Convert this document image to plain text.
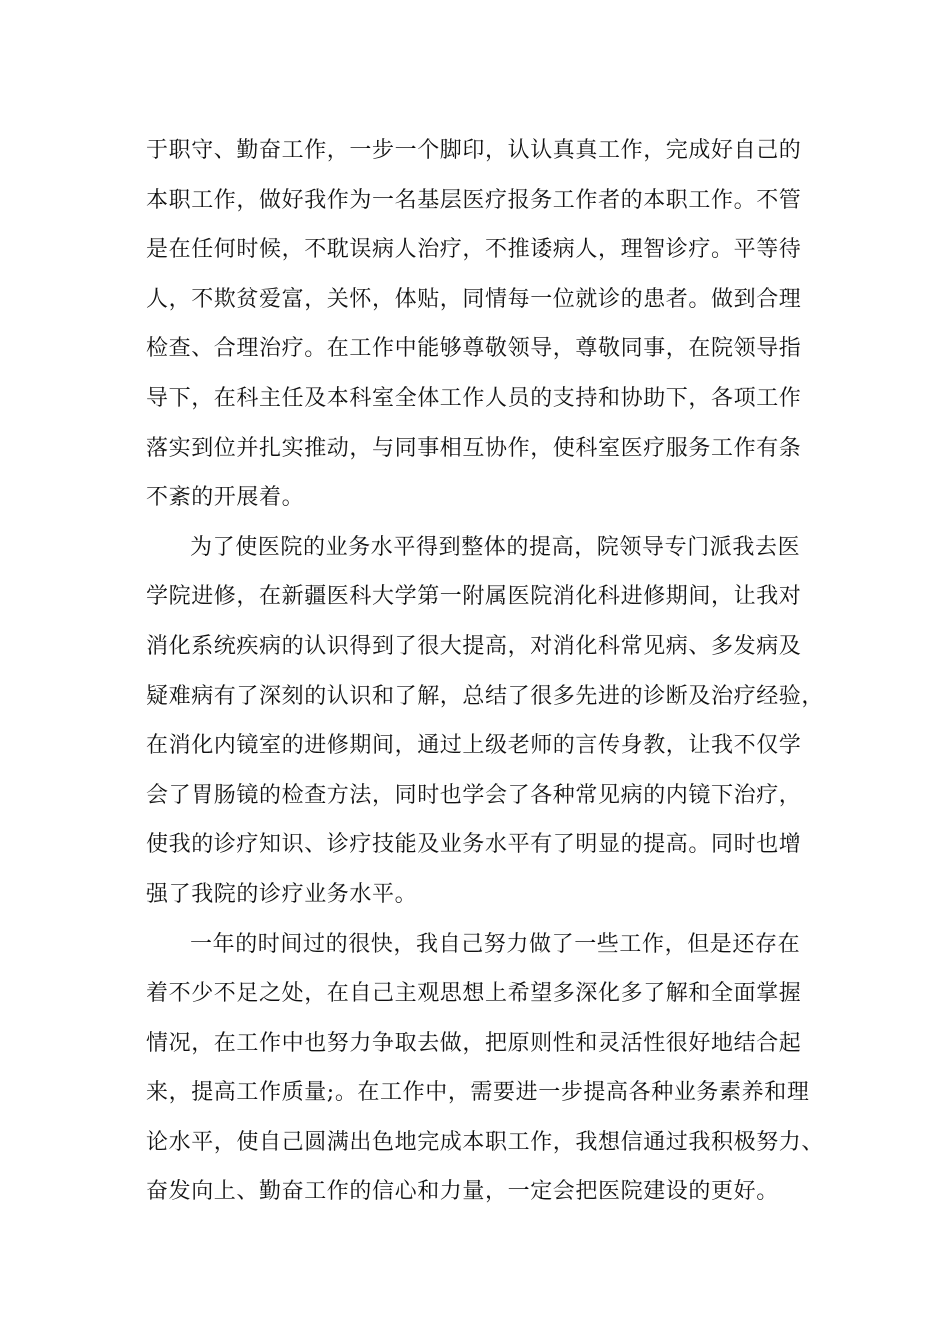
于职守、勤奋工作，一步一个脚印，认认真真工作，完成好自己的
本职工作，做好我作为一名基层医疗报务工作者的本职工作。不管
是在任何时候，不耽误病人治疗，不推诿病人，理智诊疗。平等待
人，不欺贫爱富，关怀，体贴，同情每一位就诊的患者。做到合理
检查、合理治疗。在工作中能够尊敬领导，尊敬同事，在院领导指
导下，在科主任及本科室全体工作人员的支持和协助下，各项工作
落实到位并扎实推动，与同事相互协作，使科室医疗服务工作有条
不紊的开展着。
为了使医院的业务水平得到整体的提高，院领导专门派我去医
学院进修，在新疆医科大学第一附属医院消化科进修期间，让我对
消化系统疾病的认识得到了很大提高，对消化科常见病、多发病及
疑难病有了深刻的认识和了解，总结了很多先进的诊断及治疗经验，
在消化内镜室的进修期间，通过上级老师的言传身教，让我不仅学
会了胃肠镜的检查方法，同时也学会了各种常见病的内镜下治疗，
使我的诊疗知识、诊疗技能及业务水平有了明显的提高。同时也增
强了我院的诊疗业务水平。
一年的时间过的很快，我自己努力做了一些工作，但是还存在
着不少不足之处，在自己主观思想上希望多深化多了解和全面掌握
情况，在工作中也努力争取去做，把原则性和灵活性很好地结合起
来，提高工作质量;。在工作中，需要进一步提高各种业务素养和理
论水平，使自己圆满出色地完成本职工作，我想信通过我积极努力、
奋发向上、勤奋工作的信心和力量，一定会把医院建设的更好。
